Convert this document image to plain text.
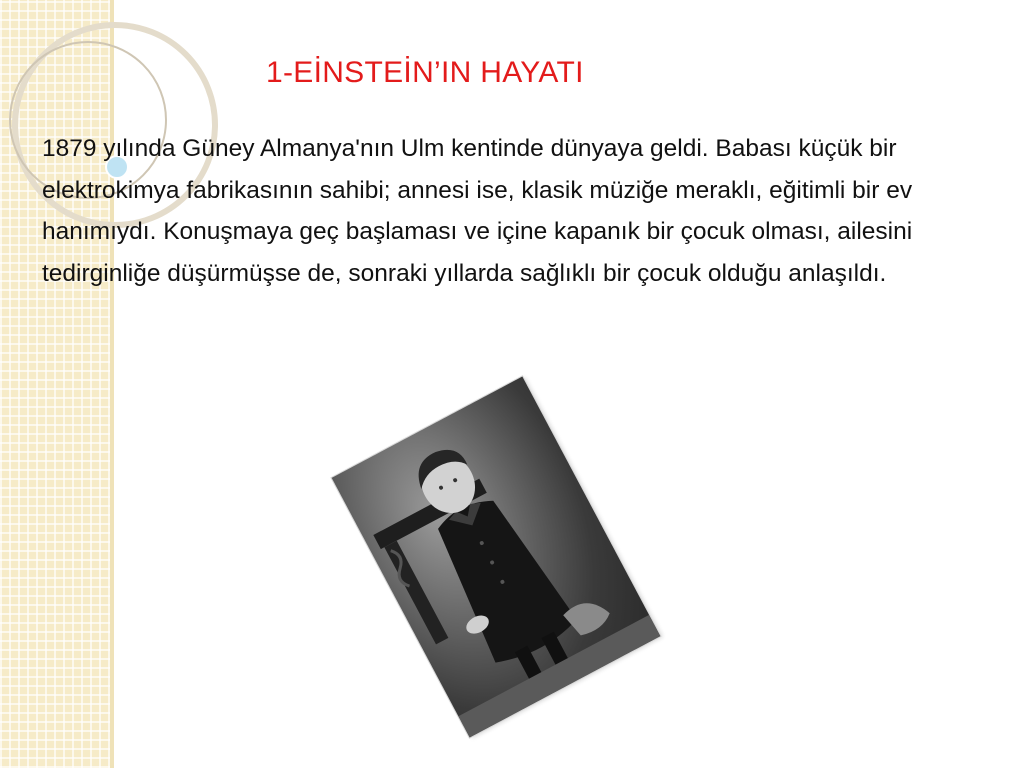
1-EİNSTEİN’IN HAYATI

1879 yılında Güney Almanya'nın Ulm kentinde dünyaya geldi. Babası küçük bir elektrokimya fabrikasının sahibi; annesi ise, klasik müziğe meraklı, eğitimli bir ev hanımıydı. Konuşmaya geç başlaması ve içine kapanık bir çocuk olması, ailesini tedirginliğe düşürmüşse de, sonraki yıllarda sağlıklı bir çocuk olduğu anlaşıldı.
